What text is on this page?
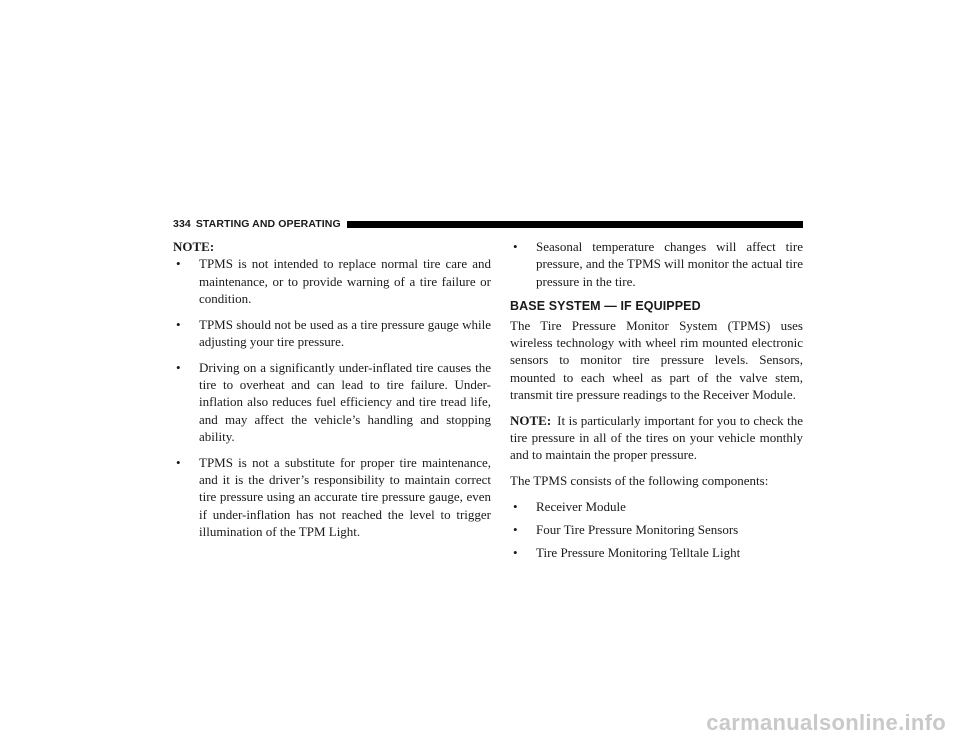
334 STARTING AND OPERATING
NOTE:
• TPMS is not intended to replace normal tire care and maintenance, or to provide warning of a tire failure or condition.
• TPMS should not be used as a tire pressure gauge while adjusting your tire pressure.
• Driving on a significantly under-inflated tire causes the tire to overheat and can lead to tire failure. Under-inflation also reduces fuel efficiency and tire tread life, and may affect the vehicle’s handling and stopping ability.
• TPMS is not a substitute for proper tire maintenance, and it is the driver’s responsibility to maintain correct tire pressure using an accurate tire pressure gauge, even if under-inflation has not reached the level to trigger illumination of the TPM Light.
• Seasonal temperature changes will affect tire pressure, and the TPMS will monitor the actual tire pressure in the tire.
BASE SYSTEM — IF EQUIPPED

The Tire Pressure Monitor System (TPMS) uses wireless technology with wheel rim mounted electronic sensors to monitor tire pressure levels. Sensors, mounted to each wheel as part of the valve stem, transmit tire pressure readings to the Receiver Module.

NOTE: It is particularly important for you to check the tire pressure in all of the tires on your vehicle monthly and to maintain the proper pressure.

The TPMS consists of the following components:

• Receiver Module
• Four Tire Pressure Monitoring Sensors
• Tire Pressure Monitoring Telltale Light
carmanualsonline.info
